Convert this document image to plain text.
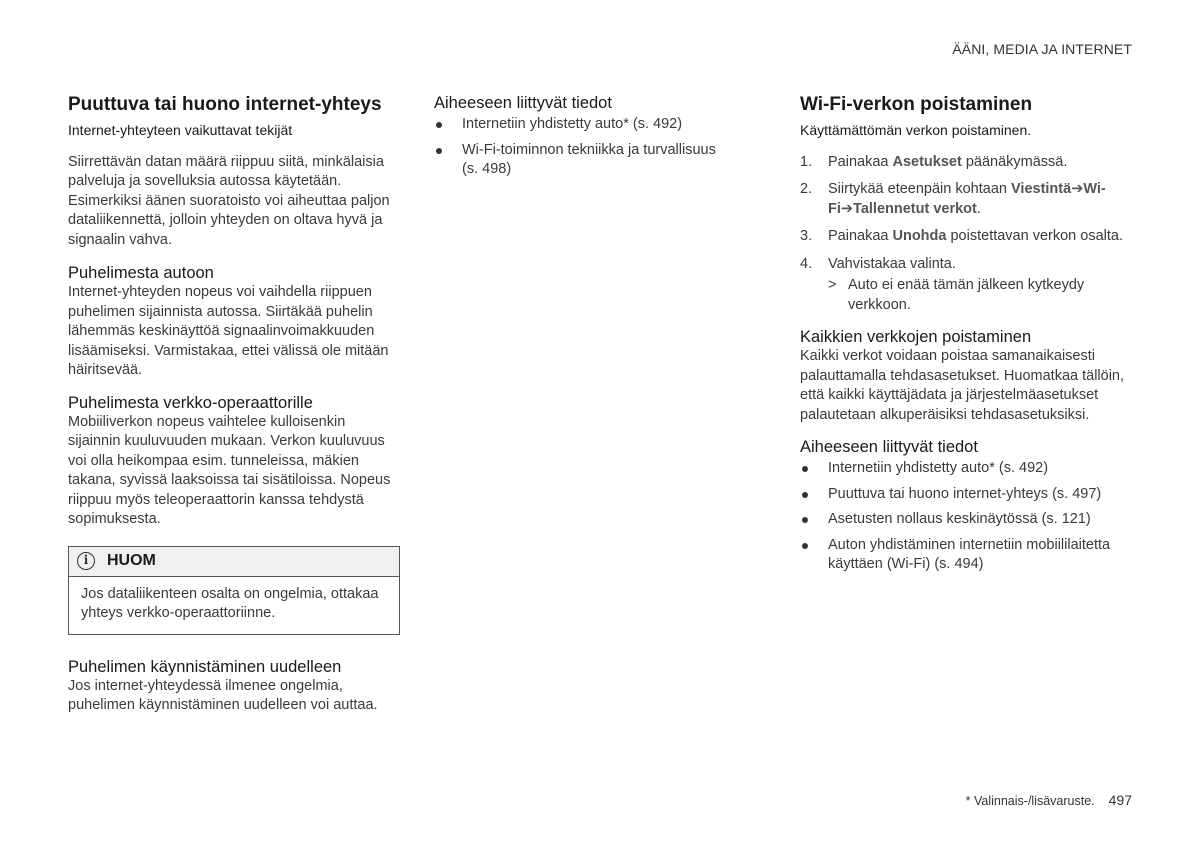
ÄÄNI, MEDIA JA INTERNET
Puuttuva tai huono internet-yhteys
Internet-yhteyteen vaikuttavat tekijät

Siirrettävän datan määrä riippuu siitä, minkälaisia palveluja ja sovelluksia autossa käytetään. Esimerkiksi äänen suoratoisto voi aiheuttaa paljon dataliikennettä, jolloin yhteyden on oltava hyvä ja signaalin vahva.

Puhelimesta autoon

Internet-yhteyden nopeus voi vaihdella riippuen puhelimen sijainnista autossa. Siirtäkää puhelin lähemmäs keskinäyttöä signaalinvoimakkuuden lisäämiseksi. Varmistakaa, ettei välissä ole mitään häiritsevää.

Puhelimesta verkko-operaattorille

Mobiiliverkon nopeus vaihtelee kulloisenkin sijainnin kuuluvuuden mukaan. Verkon kuuluvuus voi olla heikompaa esim. tunneleissa, mäkien takana, syvissä laaksoissa tai sisätiloissa. Nopeus riippuu myös teleoperaattorin kanssa tehdystä sopimuksesta.

i	HUOM
Jos dataliikenteen osalta on ongelmia, ottakaa yhteys verkko-operaattoriinne.
Puhelimen käynnistäminen uudelleen

Jos internet-yhteydessä ilmenee ongelmia, puhelimen käynnistäminen uudelleen voi auttaa.

Aiheeseen liittyvät tiedot
Internetiin yhdistetty auto* (s. 492)
Wi-Fi-toiminnon tekniikka ja turvallisuus (s. 498)
Wi-Fi-verkon poistaminen
Käyttämättömän verkon poistaminen.
1. Painakaa Asetukset päänäkymässä.
2. Siirtykää eteenpäin kohtaan Viestintä➔Wi-Fi➔Tallennetut verkot.
3. Painakaa Unohda poistettavan verkon osalta.
4. Vahvistakaa valinta.
> Auto ei enää tämän jälkeen kytkeydy verkkoon.
Kaikkien verkkojen poistaminen

Kaikki verkot voidaan poistaa samanaikaisesti palauttamalla tehdasasetukset. Huomatkaa tällöin, että kaikki käyttäjädata ja järjestelmäasetukset palautetaan alkuperäisiksi tehdasasetuksiksi.

Aiheeseen liittyvät tiedot
Internetiin yhdistetty auto* (s. 492)
Puuttuva tai huono internet-yhteys (s. 497)
Asetusten nollaus keskinäytössä (s. 121)
Auton yhdistäminen internetiin mobiililaitetta käyttäen (Wi-Fi) (s. 494)
* Valinnais-/lisävaruste. 497
